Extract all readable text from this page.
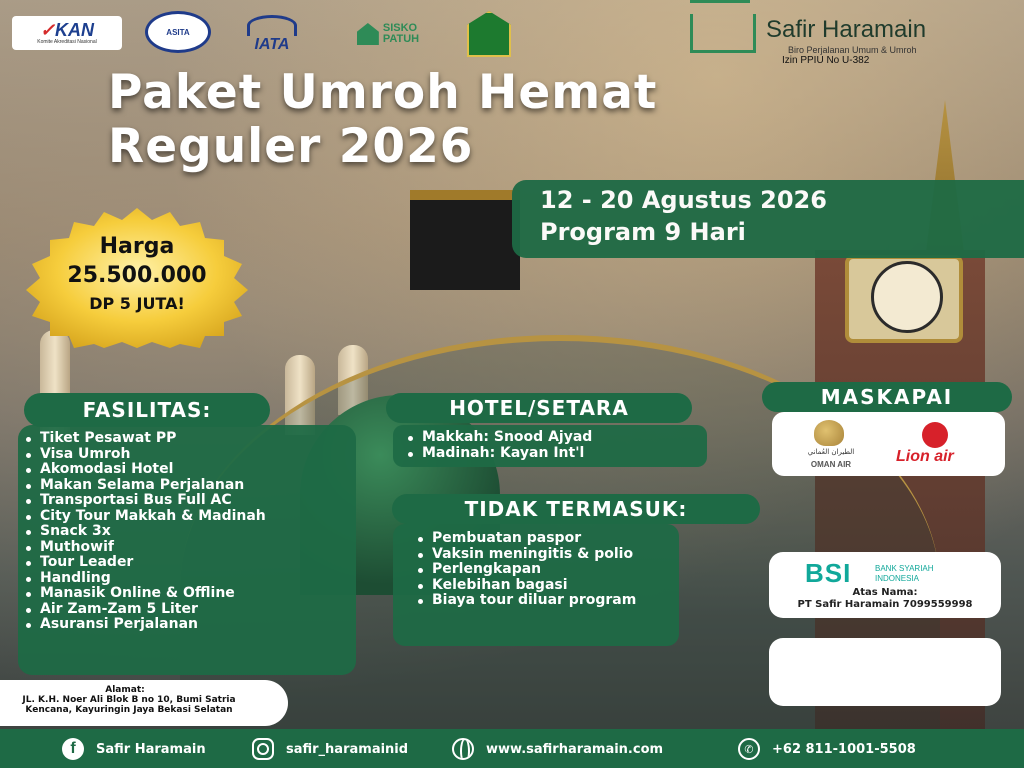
✓KAN
Komite Akreditasi Nasional
ASITA
IATA
SISKO
PATUH	Safir Haramain
Biro Perjalanan Umum & Umroh
Izin PPIU No U-382
Paket Umroh Hemat
Reguler 2026
12 - 20 Agustus 2026
Program 9 Hari
Harga
25.500.000
DP 5 JUTA!
FASILITAS:
Tiket Pesawat PP
Visa Umroh
Akomodasi Hotel
Makan Selama Perjalanan
Transportasi Bus Full AC
City Tour Makkah & Madinah
Snack 3x
Muthowif
Tour Leader
Handling
Manasik Online & Offline
Air Zam-Zam 5 Liter
Asuransi Perjalanan
HOTEL/SETARA
Makkah: Snood Ajyad
Madinah: Kayan Int'l
TIDAK TERMASUK:
Pembuatan paspor
Vaksin meningitis & polio
Perlengkapan
Kelebihan bagasi
Biaya tour diluar program
MASKAPAI
الطيران العُماني
OMAN AIR	Lion air
BSI	BANK SYARIAH INDONESIA
Atas Nama:
PT Safir Haramain 7099559998
Alamat:
JL. K.H. Noer Ali Blok B no 10, Bumi Satria Kencana, Kayuringin Jaya Bekasi Selatan
f	Safir Haramain	safir_haramainid	www.safirharamain.com	✆	+62 811-1001-5508
